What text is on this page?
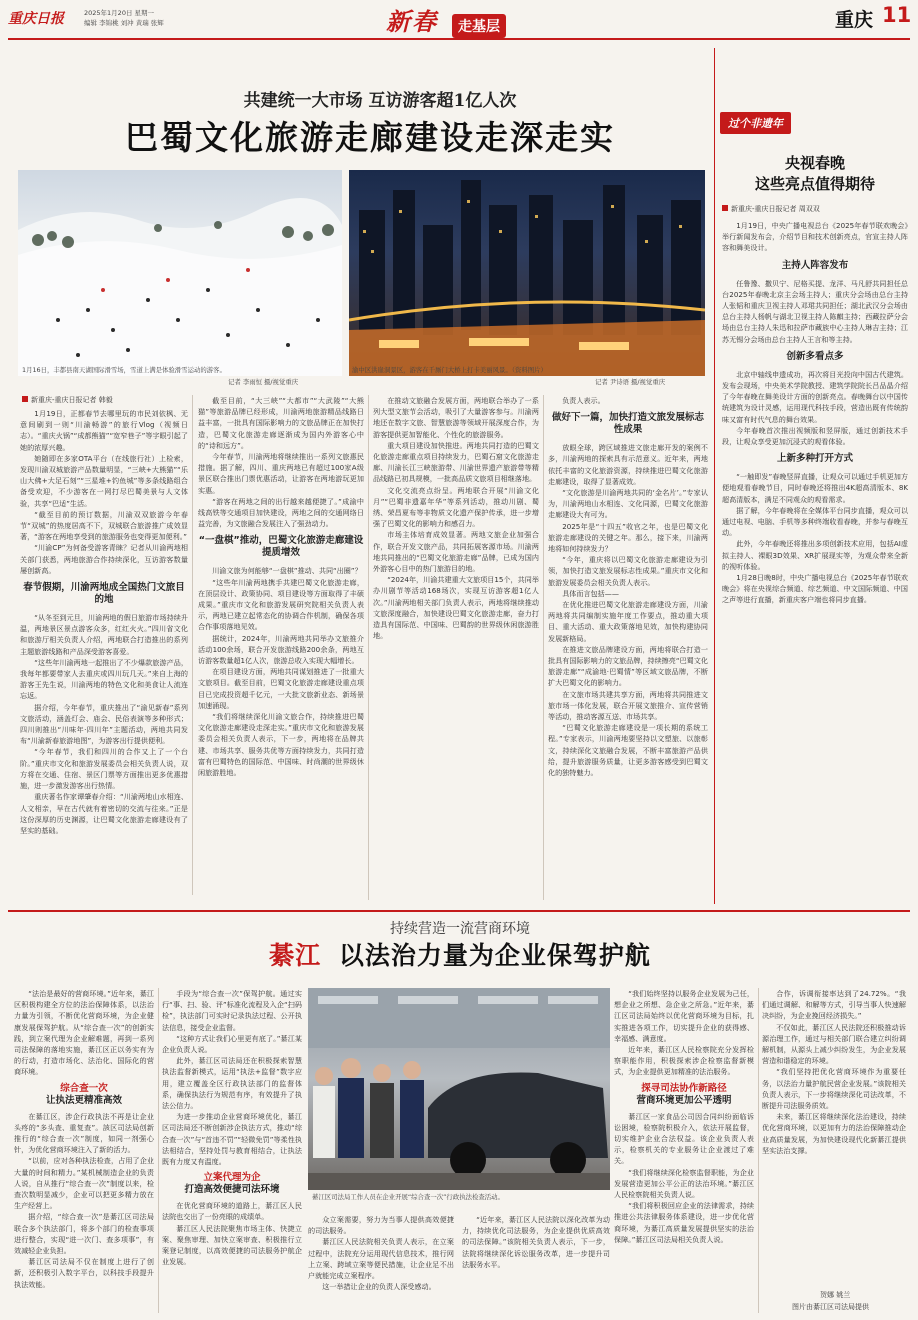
重庆日报	2025年1月20日 星期一
编辑 李锦桃 刘冲 黄瑞 张辉	新春	走基层	重庆 11
共建统一大市场 互访游客超1亿人次
巴蜀文化旅游走廊建设走深走实
1月16日，丰都县南天湖国际滑雪场，雪道上满是体验滑雪运动的游客。
记者 李雨恒 摄/视觉重庆
渝中区洪崖洞景区，游客在千厮门大桥上打卡美丽风景。（资料图片）
记者 尹诗语 摄/视觉重庆
新重庆-重庆日报记者 韩毅

1月19日，正都春节去哪里玩的市民刘依枫、无意间刷到一则“川渝畅游”的旅行Vlog（视频日志）。“重庆火锅”“成都熊猫”“宽窄巷子”等字眼引起了她的浓厚兴趣。

她随即在多家OTA平台（在线旅行社）上检索，发现川渝双城旅游产品数量明显，“三峡+大熊猫”“乐山大佛+大足石刻”“三星堆+钓鱼城”等多条线路组合备受欢迎，不少游客在一网打尽巴蜀美景与人文体验，共享“巴适”生活。

“截至目前的预订数据，川渝双双旅游今年春节“双城”的热度居高不下，双城联合旅游推广成效显著，“游客在两地享受到的旅游服务也变得更加便利。”

“川渝CP”为何备受游客青睐？记者从川渝两地相关部门获悉，两地旅游合作持续深化，互访游客数量屡创新高。

春节假期，川渝两地成全国热门文旅目的地

“从冬至到元旦，川渝两地的假日旅游市场持续升温，两地景区景点游客众多，红红火火。”四川省文化和旅游厅相关负责人介绍，两地联合打造推出的系列主题旅游线路和产品深受游客喜爱。

“这些年川渝两地一起推出了不少爆款旅游产品，我每年都要带家人去重庆或四川玩几天。”来自上海的游客王先生说，川渝两地的特色文化和美食让人流连忘返。

据介绍，今年春节，重庆推出了“渝见新春”系列文旅活动，涵盖灯会、庙会、民俗表演等多种形式；四川则推出“川味年·四川年”主题活动，两地共同发布“川渝新春旅游地图”，为游客出行提供便利。

“今年春节，我们和四川的合作又上了一个台阶。”重庆市文化和旅游发展委员会相关负责人说，双方将在交通、住宿、景区门票等方面推出更多优惠措施，进一步激发游客出行热情。

重庆著名作家谭肇春介绍：“川渝两地山水相连、人文相亲，早在古代就有着密切的交流与往来。”正是这份深厚的历史渊源，让巴蜀文化旅游走廊建设有了坚实的基础。

截至目前，“大三峡”“大都市”“大武陵”“大熊猫”等旅游品牌已经形成，川渝两地旅游精品线路日益丰富，一批具有国际影响力的文旅品牌正在加快打造，巴蜀文化旅游走廊逐渐成为国内外游客心中的“诗和远方”。

今年春节，川渝两地将继续推出一系列文旅惠民措施。据了解，四川、重庆两地已有超过100家A级景区联合推出门票优惠活动，让游客在两地游玩更加实惠。

“游客在两地之间的出行越来越便捷了。”成渝中线高铁等交通项目加快建设，两地之间的交通网络日益完善，为文旅融合发展注入了强劲动力。

“一盘棋”推动，巴蜀文化旅游走廊建设提质增效

川渝文旅为何能够“一盘棋”推动、共同“出圈”？

“这些年川渝两地携手共建巴蜀文化旅游走廊，在顶层设计、政策协同、项目建设等方面取得了丰硕成果。”重庆市文化和旅游发展研究院相关负责人表示，两地已建立起常态化的协调合作机制，确保各项合作事项落地见效。

据统计，2024年，川渝两地共同举办文旅推介活动100余场，联合开发旅游线路200余条，两地互访游客数量超1亿人次，旅游总收入实现大幅增长。

在项目建设方面，两地共同谋划推进了一批重大文旅项目。截至目前，巴蜀文化旅游走廊建设重点项目已完成投资超千亿元，一大批文旅新业态、新场景加速涌现。

“我们将继续深化川渝文旅合作，持续推进巴蜀文化旅游走廊建设走深走实。”重庆市文化和旅游发展委员会相关负责人表示，下一步，两地将在品牌共建、市场共享、服务共优等方面持续发力，共同打造富有巴蜀特色的国际范、中国味、时尚潮的世界级休闲旅游胜地。

在推动文旅融合发展方面，两地联合举办了一系列大型文旅节会活动，吸引了大量游客参与。川渝两地还在数字文旅、智慧旅游等领域开展深度合作，为游客提供更加智能化、个性化的旅游服务。

重大项目建设加快推进。两地共同打造的巴蜀文化旅游走廊重点项目持续发力，巴蜀石窟文化旅游走廊、川渝长江三峡旅游带、川渝世界遗产旅游带等精品线路已初具规模，一批高品质文旅项目相继落地。

文化交流亮点纷呈。两地联合开展“川渝文化月”“巴蜀非遗嘉年华”等系列活动，推动川剧、蜀绣、荣昌夏布等非物质文化遗产保护传承，进一步增强了巴蜀文化的影响力和感召力。

市场主体培育成效显著。两地文旅企业加强合作，联合开发文旅产品，共同拓展客源市场。川渝两地共同推出的“巴蜀文化旅游走廊”品牌，已成为国内外游客心目中的热门旅游目的地。

“2024年，川渝共建重大文旅项目15个，共同举办川剧节等活动168场次，实现互访游客超1亿人次。”川渝两地相关部门负责人表示，两地将继续推动文旅深度融合，加快建设巴蜀文化旅游走廊，奋力打造具有国际范、中国味、巴蜀韵的世界级休闲旅游胜地。

负责人表示。

做好下一篇，加快打造文旅发展标志性成果

放眼全球，跨区域推进文旅走廊开发的案例不多，川渝两地的探索具有示范意义。近年来，两地依托丰富的文化旅游资源，持续推进巴蜀文化旅游走廊建设，取得了显著成效。

“文化旅游是川渝两地共同的‘金名片’。”专家认为，川渝两地山水相连、文化同源，巴蜀文化旅游走廊建设大有可为。

2025年是“十四五”收官之年，也是巴蜀文化旅游走廊建设的关键之年。那么，接下来，川渝两地将如何持续发力？

“今年，重庆将以巴蜀文化旅游走廊建设为引领，加快打造文旅发展标志性成果。”重庆市文化和旅游发展委员会相关负责人表示。

具体而言包括——

在优化推进巴蜀文化旅游走廊建设方面，川渝两地将共同编制实施年度工作要点，推动重大项目、重大活动、重大政策落地见效，加快构建协同发展新格局。

在推进文旅品牌建设方面，两地将联合打造一批具有国际影响力的文旅品牌，持续擦亮“巴蜀文化旅游走廊”“成渝地·巴蜀情”等区域文旅品牌，不断扩大巴蜀文化的影响力。

在文旅市场共建共享方面，两地将共同推进文旅市场一体化发展，联合开展文旅推介、宣传营销等活动，推动客源互送、市场共享。

“巴蜀文化旅游走廊建设是一项长期的系统工程。”专家表示，川渝两地要坚持以文塑旅、以旅彰文，持续深化文旅融合发展，不断丰富旅游产品供给，提升旅游服务质量，让更多游客感受到巴蜀文化的独特魅力。

过个非遗年
央视春晚
这些亮点值得期待
新重庆-重庆日报记者 周双双

1月19日，中央广播电视总台《2025年春节联欢晚会》举行新闻发布会，介绍节目和技术创新亮点，官宣主持人阵容和舞美设计。

主持人阵容发布

任鲁豫、撒贝宁、尼格买提、龙洋、马凡舒共同担任总台2025年春晚北京主会场主持人；重庆分会场由总台主持人张韬和重庆卫视主持人邓珺共同担任；湖北武汉分会场由总台主持人杨帆与湖北卫视主持人陈麒主持；西藏拉萨分会场由总台主持人朱迅和拉萨市藏族中心主持人琳吉主持；江苏无锡分会场由总台主持人王言和等主持。

创新多看点多

北京中轴线申遗成功，再次将目光投向中国古代建筑。发布会现场，中央美术学院教授、建筑学院院长吕品晶介绍了今年春晚在舞美设计方面的创新亮点。春晚舞台以中国传统建筑为设计灵感，运用现代科技手段，营造出既有传统韵味又富有时代气息的舞台效果。

今年春晚首次推出视频版和竖屏版，通过创新技术手段，让观众享受更加沉浸式的观看体验。

上新多种打开方式

“一触即发”春晚竖屏直播，让观众可以通过手机更加方便地观看春晚节目，同时春晚还将推出4K超高清版本、8K超高清版本，满足不同观众的观看需求。

据了解，今年春晚将在全媒体平台同步直播，观众可以通过电视、电脑、手机等多种终端收看春晚，并参与春晚互动。

此外，今年春晚还将推出多项创新技术应用，包括AI虚拟主持人、裸眼3D效果、XR扩展现实等，为观众带来全新的视听体验。

1月28日晚8时，中央广播电视总台《2025年春节联欢晚会》将在央视综合频道、综艺频道、中文国际频道、中国之声等进行直播，新重庆客户端也将同步直播。

持续营造一流营商环境
綦江 以法治力量为企业保驾护航

“法治是最好的营商环境。”近年来，綦江区积极构建全方位的法治保障体系，以法治力量为引领，不断优化营商环境，为企业健康发展保驾护航。从“综合查一次”的创新实践，到立案代理为企业解难题，再到一系列司法保障的落地实施，綦江区正以务实有为的行动，打造市场化、法治化、国际化的营商环境。

综合查一次
让执法更精准高效

在綦江区，涉企行政执法不再是让企业头疼的“多头查、重复查”。該区司法局创新推行的“综合查一次”制度，如同一剂强心针，为优化营商环境注入了新的活力。

“以前，应对各种执法检查，占用了企业大量的时间和精力。”某机械制造企业的负责人说，自从推行“综合查一次”制度以来，检查次数明显减少，企业可以把更多精力放在生产经营上。

据介绍，“综合查一次”是綦江区司法局联合多个执法部门，将多个部门的检查事项进行整合，实现“进一次门、查多项事”，有效减轻企业负担。

綦江区司法局不仅在制度上进行了创新，还积极引入数字平台，以科技手段提升执法效能。

手段为“综合查一次”保驾护航。通过实行“事、扫、验、评”标准化流程及入企“扫码检”，执法部门可实时记录执法过程、公开执法信息，接受企业监督。

“这种方式让我们心里更有底了。”綦江某企业负责人说。

此外，綦江区司法局还在积极探索智慧执法监督新模式，运用“执法+监督”数字应用，建立覆盖全区行政执法部门的监督体系，确保执法行为规范有序，有效提升了执法公信力。

为进一步推动企业营商环境优化，綦江区司法局还不断创新涉企执法方式，推动“综合查一次”与“首违不罚”“轻微免罚”等柔性执法相结合，坚持处罚与教育相结合，让执法既有力度又有温度。

立案代理为企
打造高效便捷司法环境

在优化营商环境的道路上，綦江区人民法院也交出了一份亮眼的成绩单。

綦江区人民法院聚焦市场主体、快捷立案、聚焦审理、加快立案审查、积极推行立案登记制度，以高效便捷的司法服务护航企业发展。

綦江区司法局工作人员在企业开展“综合查一次”行政执法检查活动。

众立案需要，努力为当事人提供高效便捷的司法服务。

綦江区人民法院相关负责人表示，在立案过程中，法院充分运用现代信息技术，推行网上立案、跨域立案等便民措施，让企业足不出户就能完成立案程序。

这一举措让企业的负责人深受感动。

“近年来，綦江区人民法院以深化改革为动力，持续优化司法服务，为企业提供优质高效的司法保障。”该院相关负责人表示，下一步，法院将继续深化诉讼服务改革，进一步提升司法服务水平。

“我们始终坚持以服务企业发展为己任，想企业之所想、急企业之所急。”近年来，綦江区司法局始终以优化营商环境为目标，扎实推进各项工作，切实提升企业的获得感、幸福感、满意度。

近年来，綦江区人民检察院充分发挥检察职能作用，积极探索涉企检察监督新模式，为企业提供更加精准的法治服务。

探寻司法协作新路径
营商环境更加公平透明

綦江区一家食品公司因合同纠纷面临诉讼困境，检察院积极介入，依法开展监督，切实维护企业合法权益。该企业负责人表示，检察机关的专业服务让企业渡过了难关。

“我们将继续深化检察监督职能，为企业发展营造更加公平公正的法治环境。”綦江区人民检察院相关负责人说。

“我们将积极回应企业的法律需求，持续推进公共法律服务体系建设，进一步优化营商环境，为綦江高质量发展提供坚实的法治保障。”綦江区司法局相关负责人说。

合作，诉调衔接率达到了24.72%。“我们通过调解、和解等方式，引导当事人快速解决纠纷，为企业挽回经济损失。”

不仅如此，綦江区人民法院还积极推动诉源治理工作，通过与相关部门联合建立纠纷调解机制，从源头上减少纠纷发生，为企业发展营造和谐稳定的环境。

“我们坚持把优化营商环境作为重要任务，以法治力量护航民营企业发展。”该院相关负责人表示，下一步将继续深化司法改革，不断提升司法服务质效。

未来，綦江区将继续深化法治建设，持续优化营商环境，以更加有力的法治保障推动企业高质量发展，为加快建设现代化新綦江提供坚实法治支撑。

贺娜 姚兰
图片由綦江区司法局提供
